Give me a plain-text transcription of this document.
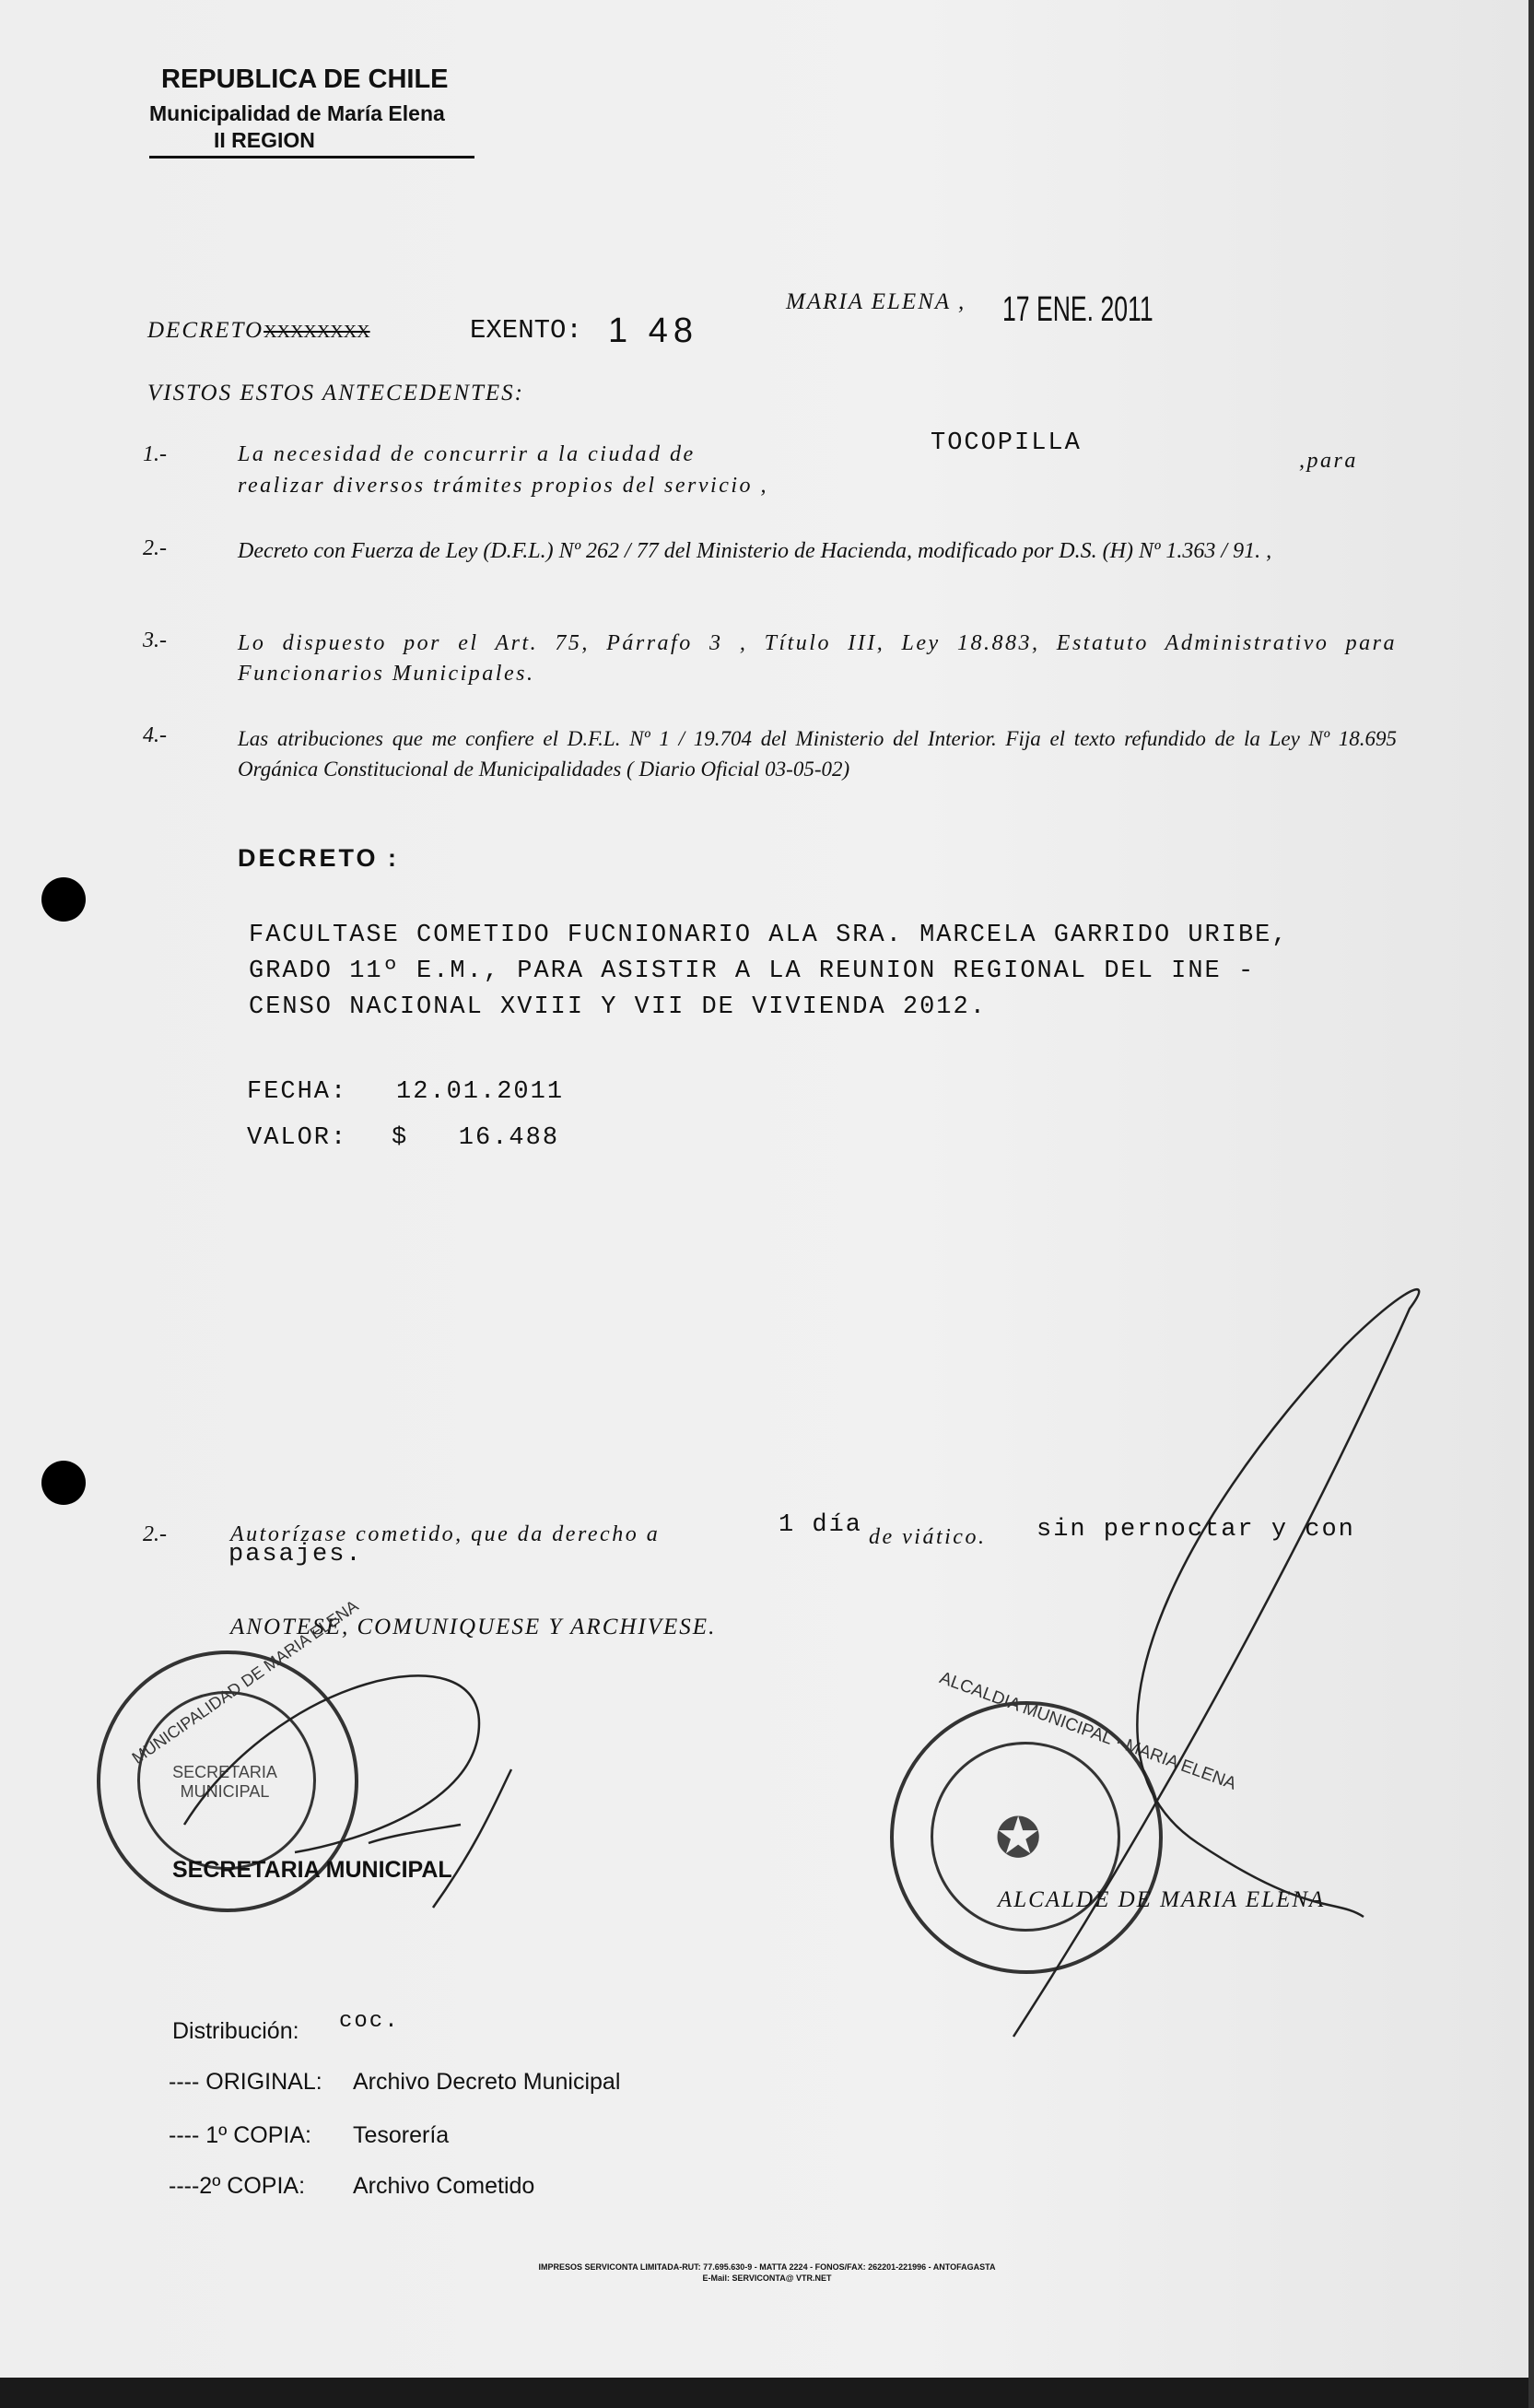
REPUBLICA DE CHILE
Municipalidad de María Elena
II REGION
DECRETOXXXXXXXX	EXENTO: 1 48
MARIA ELENA , 17 ENE. 2011
VISTOS ESTOS ANTECEDENTES:
1.-	La necesidad de concurrir a la ciudad de	TOCOPILLA
,para
realizar diversos trámites propios del servicio ,
2.-	Decreto con Fuerza de Ley (D.F.L.) Nº 262 / 77 del Ministerio de Hacienda, modificado por D.S. (H) Nº 1.363 / 91. ,
3.-	Lo dispuesto por el Art. 75, Párrafo 3 , Título III, Ley 18.883, Estatuto Administrativo para Funcionarios Municipales.
4.-	Las atribuciones que me confiere el D.F.L. Nº 1 / 19.704 del Ministerio del Interior. Fija el texto refundido de la Ley Nº 18.695 Orgánica Constitucional de Municipalidades ( Diario Oficial 03-05-02)
DECRETO :
FACULTASE COMETIDO FUCNIONARIO ALA SRA. MARCELA GARRIDO URIBE,
GRADO 11º E.M., PARA ASISTIR A LA REUNION REGIONAL DEL INE -
CENSO NACIONAL XVIII Y VII DE VIVIENDA 2012.
FECHA: 12.01.2011
VALOR: $   16.488
2.-	Autorízase cometido, que da derecho a	1 día de viático. sin pernoctar y con
pasajes.
ANOTESE, COMUNIQUESE Y ARCHIVESE.
MUNICIPALIDAD DE MARIA ELENA
SECRETARIA MUNICIPAL
SECRETARIA MUNICIPAL
ALCALDIA MUNICIPAL · MARIA ELENA
✪
ALCALDE DE MARIA ELENA
Distribución: coc.
---- ORIGINAL: Archivo Decreto Municipal
---- 1º COPIA: Tesorería
----2º COPIA: Archivo Cometido
IMPRESOS SERVICONTA LIMITADA-RUT: 77.695.630-9 - MATTA 2224 - FONOS/FAX: 262201-221996 - ANTOFAGASTA
E-Mail: SERVICONTA@ VTR.NET
